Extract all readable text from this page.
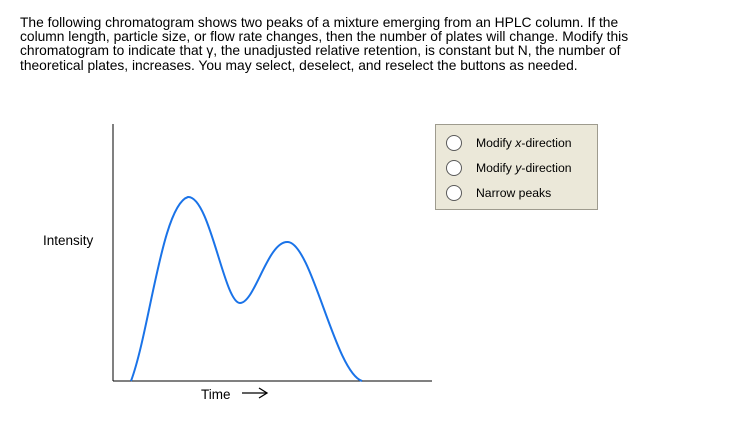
The following chromatogram shows two peaks of a mixture emerging from an HPLC column. If the
column length, particle size, or flow rate changes, then the number of plates will change. Modify this
chromatogram to indicate that γ, the unadjusted relative retention, is constant but N, the number of
theoretical plates, increases. You may select, deselect, and reselect the buttons as needed.
Intensity
Time
Modify x-direction
Modify y-direction
Narrow peaks
